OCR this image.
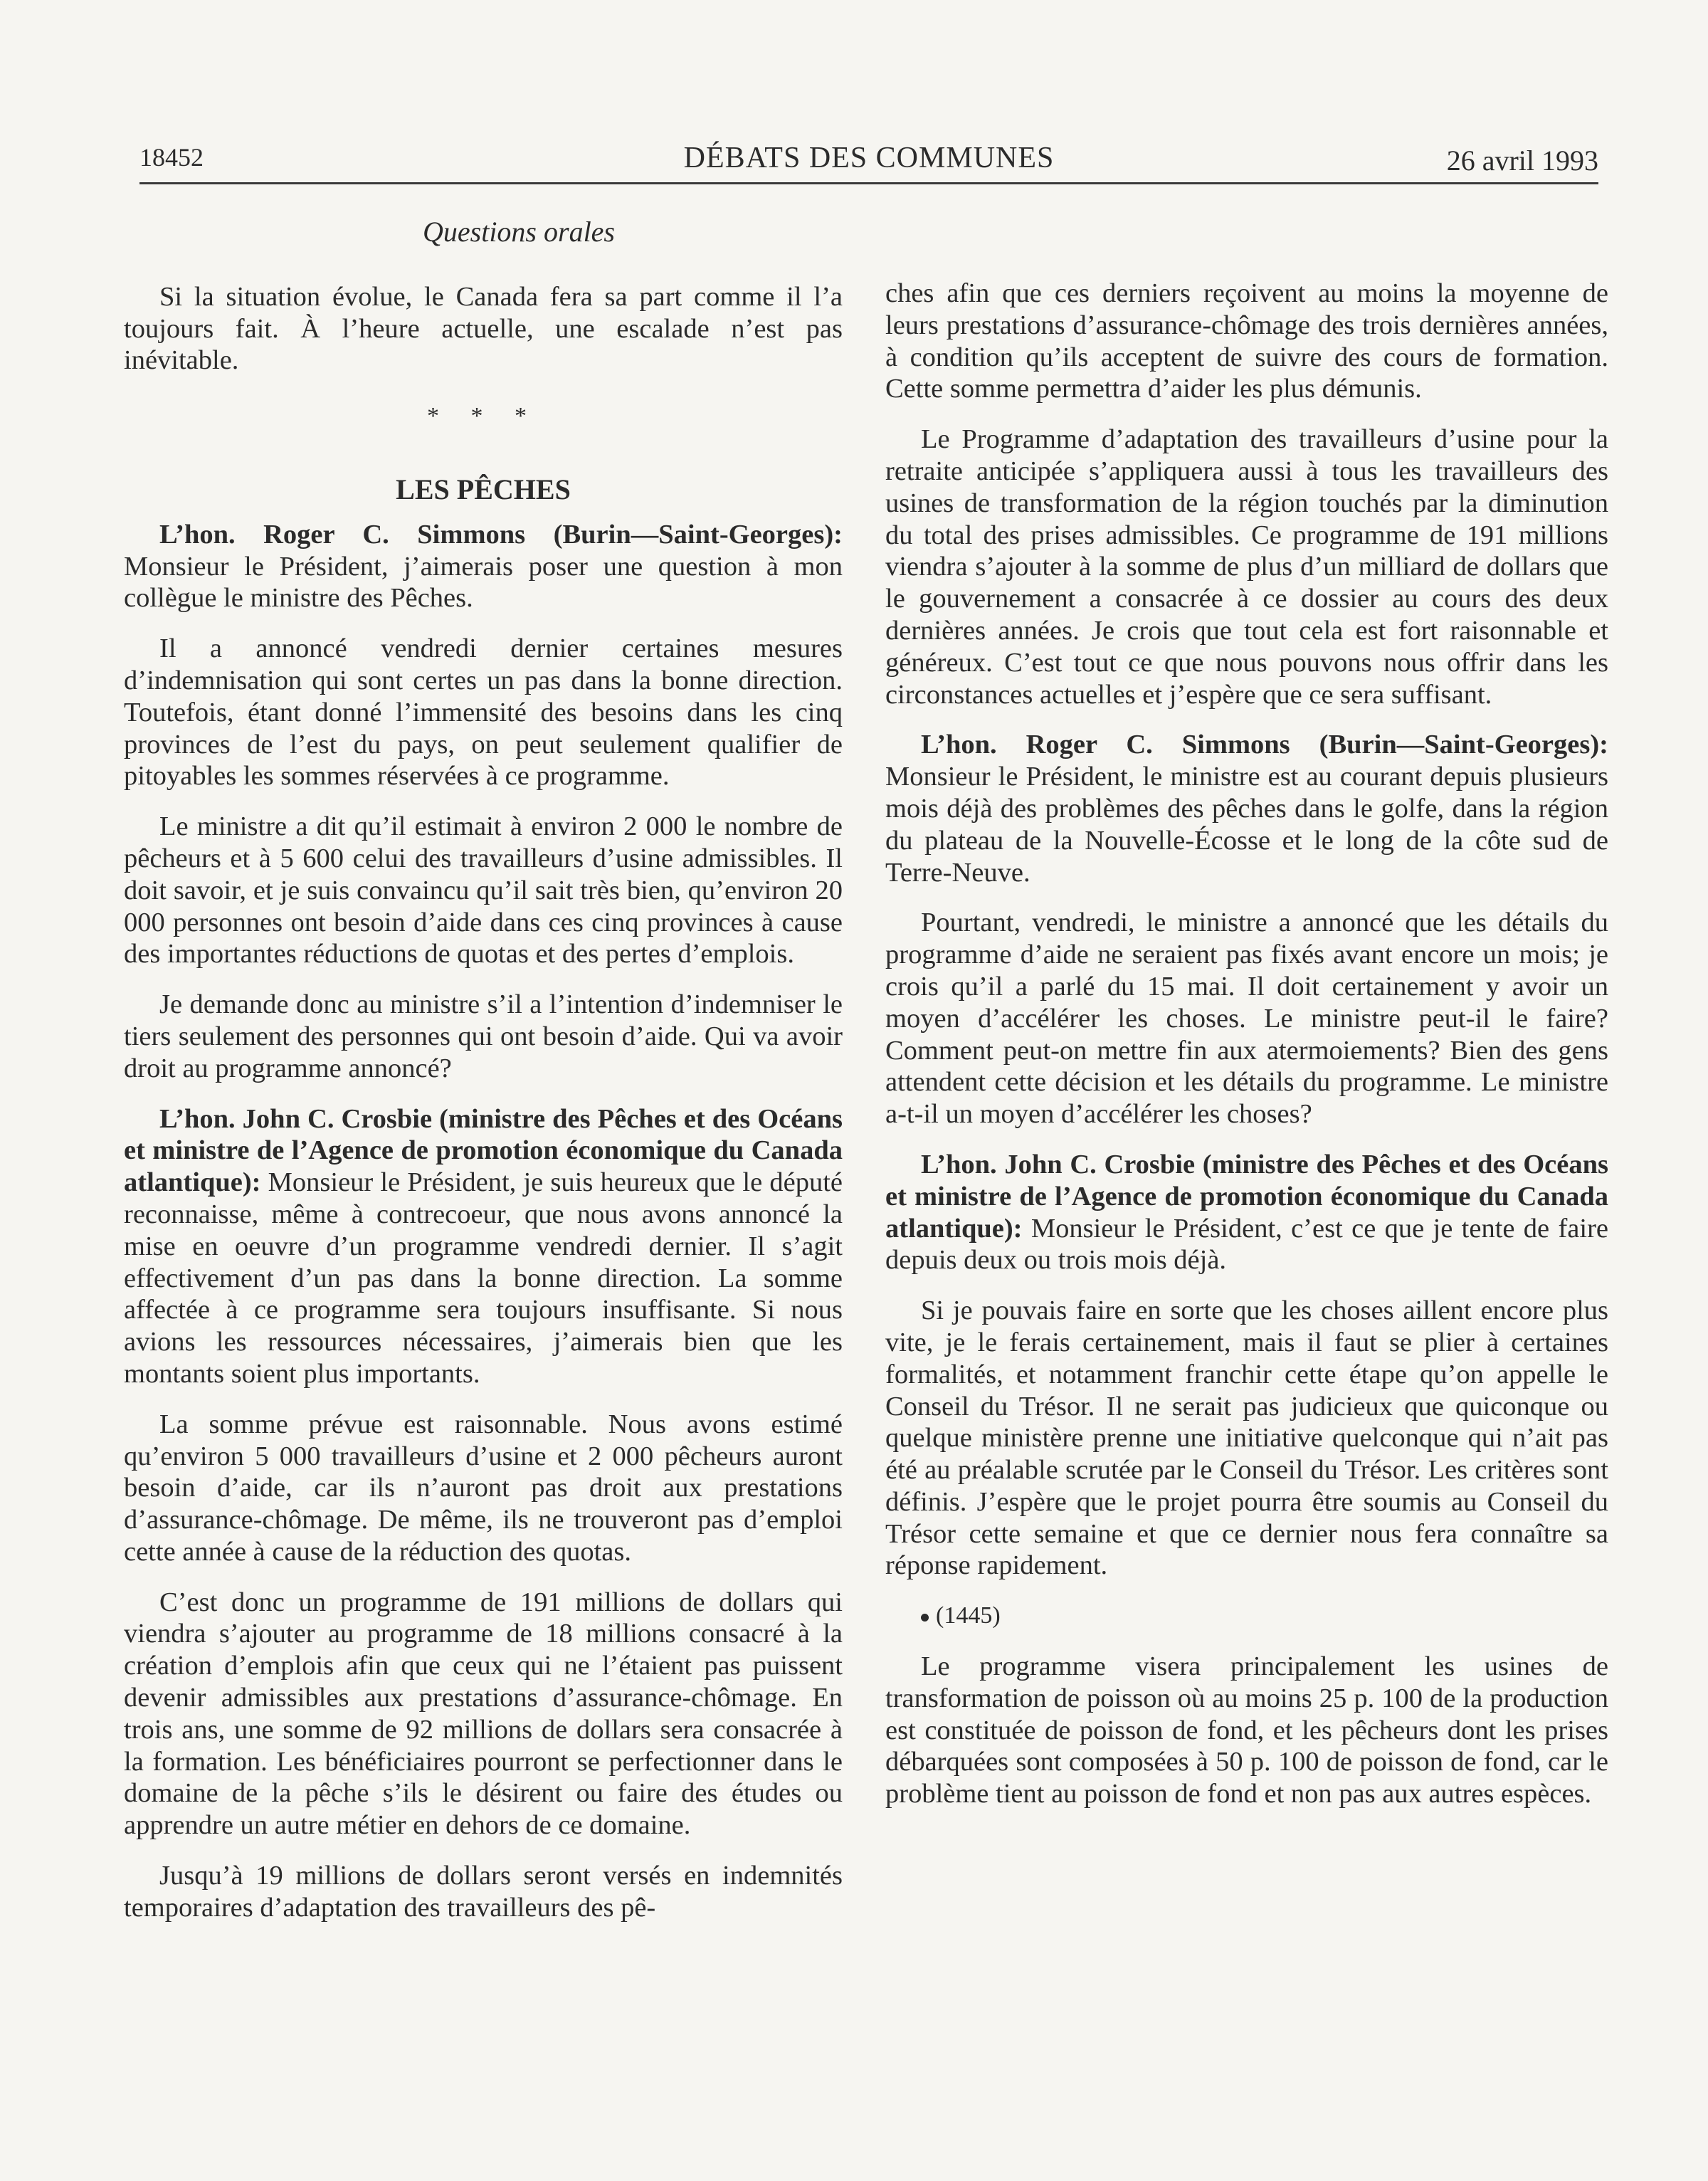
18452	DÉBATS DES COMMUNES	26 avril 1993
Questions orales

Si la situation évolue, le Canada fera sa part comme il l’a toujours fait. À l’heure actuelle, une escalade n’est pas inévitable.

* * *
LES PÊCHES

L’hon. Roger C. Simmons (Burin—Saint-Georges): Monsieur le Président, j’aimerais poser une question à mon collègue le ministre des Pêches.

Il a annoncé vendredi dernier certaines mesures d’indemnisation qui sont certes un pas dans la bonne direction. Toutefois, étant donné l’immensité des besoins dans les cinq provinces de l’est du pays, on peut seulement qualifier de pitoyables les sommes réservées à ce programme.

Le ministre a dit qu’il estimait à environ 2 000 le nombre de pêcheurs et à 5 600 celui des travailleurs d’usine admissibles. Il doit savoir, et je suis convaincu qu’il sait très bien, qu’environ 20 000 personnes ont besoin d’aide dans ces cinq provinces à cause des importantes réductions de quotas et des pertes d’emplois.

Je demande donc au ministre s’il a l’intention d’indemniser le tiers seulement des personnes qui ont besoin d’aide. Qui va avoir droit au programme annoncé?

L’hon. John C. Crosbie (ministre des Pêches et des Océans et ministre de l’Agence de promotion économique du Canada atlantique): Monsieur le Président, je suis heureux que le député reconnaisse, même à contrecoeur, que nous avons annoncé la mise en oeuvre d’un programme vendredi dernier. Il s’agit effectivement d’un pas dans la bonne direction. La somme affectée à ce programme sera toujours insuffisante. Si nous avions les ressources nécessaires, j’aimerais bien que les montants soient plus importants.

La somme prévue est raisonnable. Nous avons estimé qu’environ 5 000 travailleurs d’usine et 2 000 pêcheurs auront besoin d’aide, car ils n’auront pas droit aux prestations d’assurance-chômage. De même, ils ne trouveront pas d’emploi cette année à cause de la réduction des quotas.

C’est donc un programme de 191 millions de dollars qui viendra s’ajouter au programme de 18 millions consacré à la création d’emplois afin que ceux qui ne l’étaient pas puissent devenir admissibles aux prestations d’assurance-chômage. En trois ans, une somme de 92 millions de dollars sera consacrée à la formation. Les bénéficiaires pourront se perfectionner dans le domaine de la pêche s’ils le désirent ou faire des études ou apprendre un autre métier en dehors de ce domaine.

Jusqu’à 19 millions de dollars seront versés en indemnités temporaires d’adaptation des travailleurs des pê-

ches afin que ces derniers reçoivent au moins la moyenne de leurs prestations d’assurance-chômage des trois dernières années, à condition qu’ils acceptent de suivre des cours de formation. Cette somme permettra d’aider les plus démunis.

Le Programme d’adaptation des travailleurs d’usine pour la retraite anticipée s’appliquera aussi à tous les travailleurs des usines de transformation de la région touchés par la diminution du total des prises admissibles. Ce programme de 191 millions viendra s’ajouter à la somme de plus d’un milliard de dollars que le gouvernement a consacrée à ce dossier au cours des deux dernières années. Je crois que tout cela est fort raisonnable et généreux. C’est tout ce que nous pouvons nous offrir dans les circonstances actuelles et j’espère que ce sera suffisant.

L’hon. Roger C. Simmons (Burin—Saint-Georges): Monsieur le Président, le ministre est au courant depuis plusieurs mois déjà des problèmes des pêches dans le golfe, dans la région du plateau de la Nouvelle-Écosse et le long de la côte sud de Terre-Neuve.

Pourtant, vendredi, le ministre a annoncé que les détails du programme d’aide ne seraient pas fixés avant encore un mois; je crois qu’il a parlé du 15 mai. Il doit certainement y avoir un moyen d’accélérer les choses. Le ministre peut-il le faire? Comment peut-on mettre fin aux atermoiements? Bien des gens attendent cette décision et les détails du programme. Le ministre a-t-il un moyen d’accélérer les choses?

L’hon. John C. Crosbie (ministre des Pêches et des Océans et ministre de l’Agence de promotion économique du Canada atlantique): Monsieur le Président, c’est ce que je tente de faire depuis deux ou trois mois déjà.

Si je pouvais faire en sorte que les choses aillent encore plus vite, je le ferais certainement, mais il faut se plier à certaines formalités, et notamment franchir cette étape qu’on appelle le Conseil du Trésor. Il ne serait pas judicieux que quiconque ou quelque ministère prenne une initiative quelconque qui n’ait pas été au préalable scrutée par le Conseil du Trésor. Les critères sont définis. J’espère que le projet pourra être soumis au Conseil du Trésor cette semaine et que ce dernier nous fera connaître sa réponse rapidement.

(1445)

Le programme visera principalement les usines de transformation de poisson où au moins 25 p. 100 de la production est constituée de poisson de fond, et les pêcheurs dont les prises débarquées sont composées à 50 p. 100 de poisson de fond, car le problème tient au poisson de fond et non pas aux autres espèces.
